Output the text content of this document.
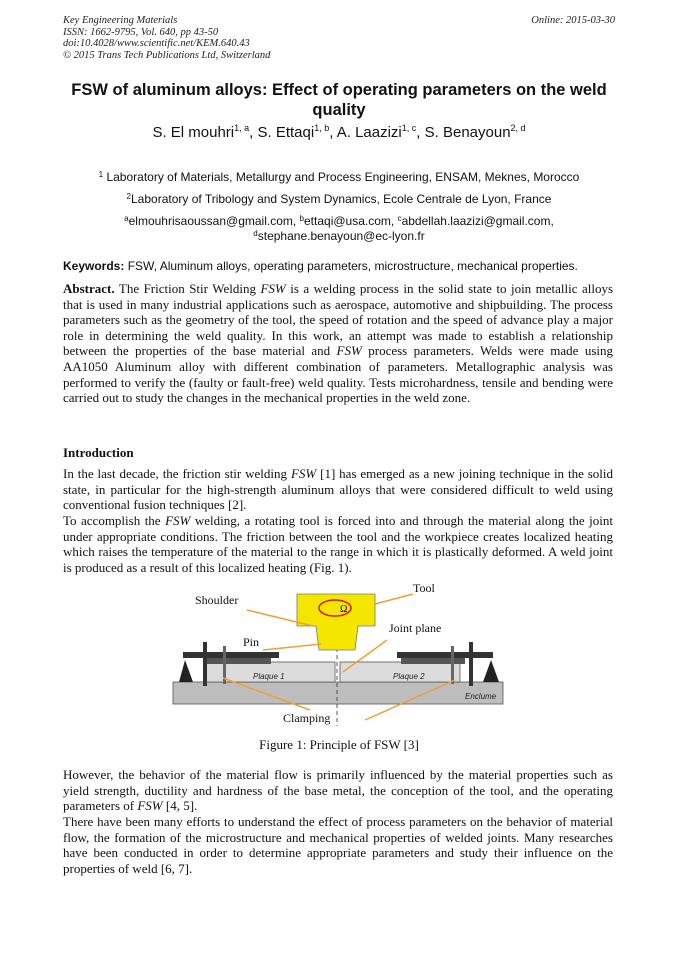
Key Engineering Materials
ISSN: 1662-9795, Vol. 640, pp 43-50
doi:10.4028/www.scientific.net/KEM.640.43
© 2015 Trans Tech Publications Ltd, Switzerland
Online: 2015-03-30
FSW of aluminum alloys: Effect of operating parameters on the weld quality
S. El mouhri$^{1, a}$, S. Ettaqi$^{1, b}$, A. Laazizi$^{1, c}$, S. Benayoun$^{2, d}$
$^1$ Laboratory of Materials, Metallurgy and Process Engineering, ENSAM, Meknes, Morocco
$^2$Laboratory of Tribology and System Dynamics, Ecole Centrale de Lyon, France
$^a$elmouhrisaoussan@gmail.com, $^b$ettaqi@usa.com, $^c$abdellah.laazizi@gmail.com,
$^d$stephane.benayoun@ec-lyon.fr
Keywords: FSW, Aluminum alloys, operating parameters, microstructure, mechanical properties.
Abstract. The Friction Stir Welding FSW is a welding process in the solid state to join metallic alloys that is used in many industrial applications such as aerospace, automotive and shipbuilding. The process parameters such as the geometry of the tool, the speed of rotation and the speed of advance play a major role in determining the weld quality. In this work, an attempt was made to establish a relationship between the properties of the base material and FSW process parameters. Welds were made using AA1050 Aluminum alloy with different combination of parameters. Metallographic analysis was performed to verify the (faulty or fault-free) weld quality. Tests microhardness, tensile and bending were carried out to study the changes in the mechanical properties in the weld zone.
Introduction
In the last decade, the friction stir welding FSW [1] has emerged as a new joining technique in the solid state, in particular for the high-strength aluminum alloys that were considered difficult to weld using conventional fusion techniques [2].
To accomplish the FSW welding, a rotating tool is forced into and through the material along the joint under appropriate conditions. The friction between the tool and the workpiece creates localized heating which raises the temperature of the material to the range in which it is plastically deformed. A weld joint is produced as a result of this localized heating (Fig. 1).
Ω
Tool
Shoulder
Pin
Joint plane
Clamping
Plaque 1	Plaque 2
Enclume
Figure 1: Principle of FSW [3]
However, the behavior of the material flow is primarily influenced by the material properties such as yield strength, ductility and hardness of the base metal, the conception of the tool, and the operating parameters of FSW [4, 5].
There have been many efforts to understand the effect of process parameters on the behavior of material flow, the formation of the microstructure and mechanical properties of welded joints. Many researches have been conducted in order to determine appropriate parameters and study their influence on the properties of weld [6, 7].
